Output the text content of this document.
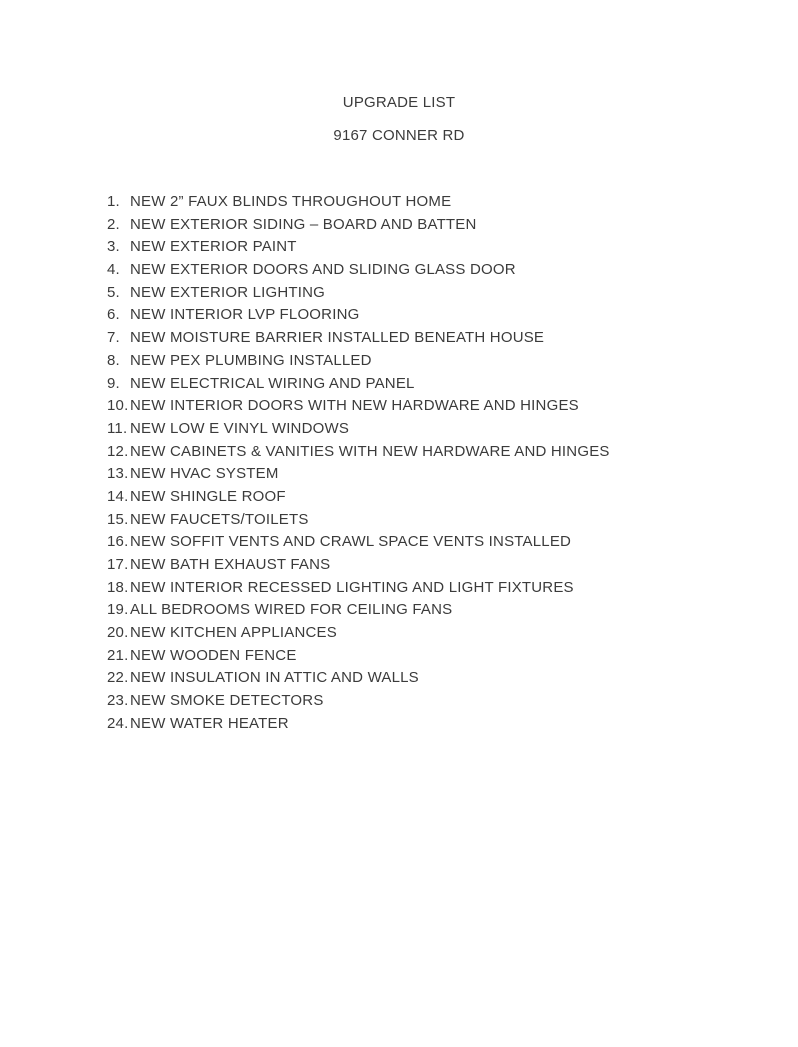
UPGRADE LIST
9167 CONNER RD
1. NEW 2” FAUX BLINDS THROUGHOUT HOME
2. NEW EXTERIOR SIDING – BOARD AND BATTEN
3. NEW EXTERIOR PAINT
4. NEW EXTERIOR DOORS AND SLIDING GLASS DOOR
5. NEW EXTERIOR LIGHTING
6. NEW INTERIOR LVP FLOORING
7. NEW MOISTURE BARRIER INSTALLED BENEATH HOUSE
8. NEW PEX PLUMBING INSTALLED
9. NEW ELECTRICAL WIRING AND PANEL
10. NEW INTERIOR DOORS WITH NEW HARDWARE AND HINGES
11. NEW LOW E VINYL WINDOWS
12. NEW CABINETS & VANITIES WITH NEW HARDWARE AND HINGES
13. NEW HVAC SYSTEM
14. NEW SHINGLE ROOF
15. NEW FAUCETS/TOILETS
16. NEW SOFFIT VENTS AND CRAWL SPACE VENTS INSTALLED
17. NEW BATH EXHAUST FANS
18. NEW INTERIOR RECESSED LIGHTING AND LIGHT FIXTURES
19. ALL BEDROOMS WIRED FOR CEILING FANS
20. NEW KITCHEN APPLIANCES
21. NEW WOODEN FENCE
22. NEW INSULATION IN ATTIC AND WALLS
23. NEW SMOKE DETECTORS
24. NEW WATER HEATER
